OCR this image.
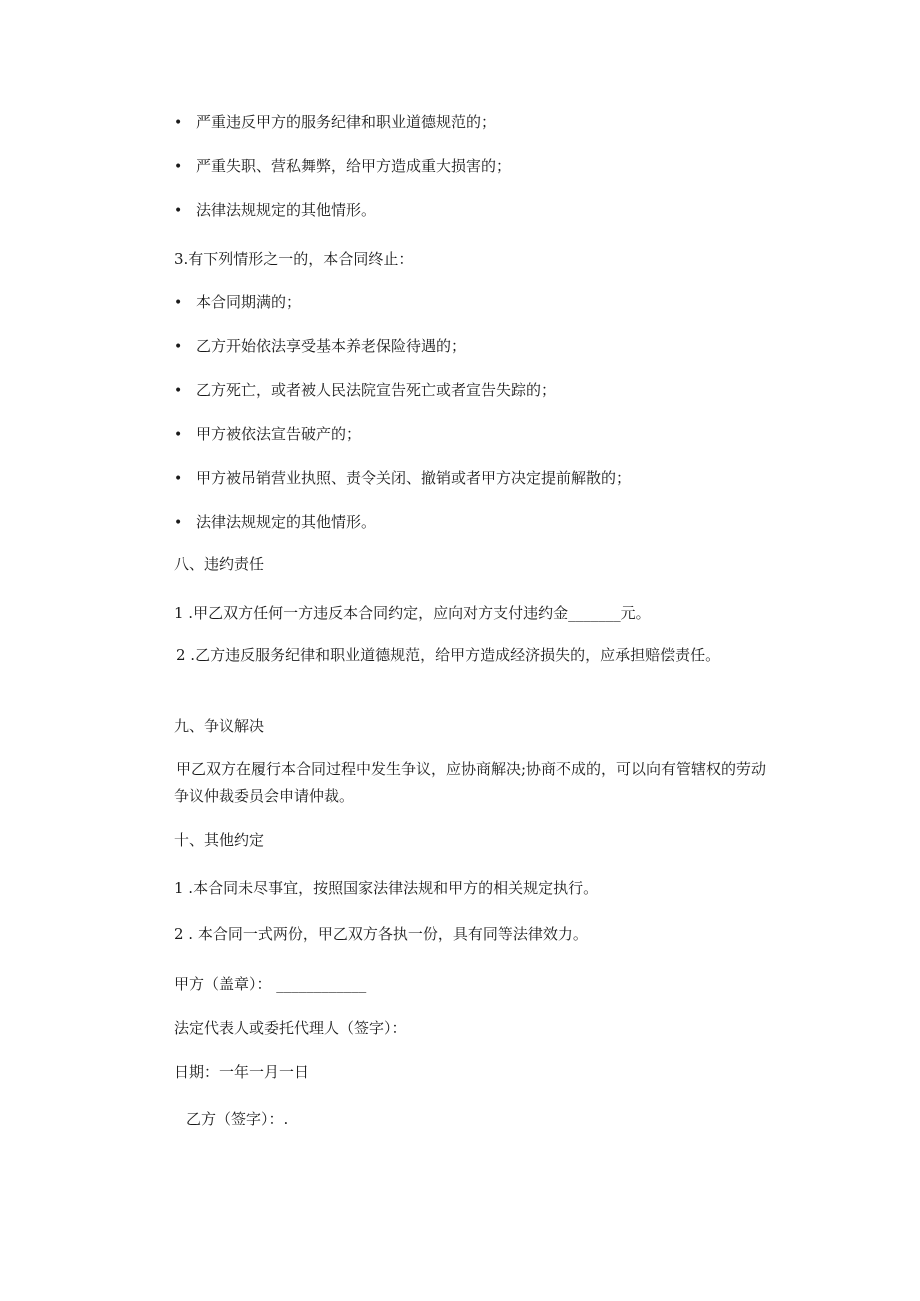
• 严重违反甲方的服务纪律和职业道德规范的；
• 严重失职、营私舞弊，给甲方造成重大损害的；
• 法律法规规定的其他情形。
3.有下列情形之一的，本合同终止：
• 本合同期满的；
• 乙方开始依法享受基本养老保险待遇的；
• 乙方死亡，或者被人民法院宣告死亡或者宣告失踪的；
• 甲方被依法宣告破产的；
• 甲方被吊销营业执照、责令关闭、撤销或者甲方决定提前解散的；
• 法律法规规定的其他情形。
八、违约责任
1 .甲乙双方任何一方违反本合同约定，应向对方支付违约金_______元。
2 .乙方违反服务纪律和职业道德规范，给甲方造成经济损失的，应承担赔偿责任。
九、争议解决
甲乙双方在履行本合同过程中发生争议，应协商解决;协商不成的，可以向有管辖权的劳动争议仲裁委员会申请仲裁。
十、其他约定
1 .本合同未尽事宜，按照国家法律法规和甲方的相关规定执行。
2 . 本合同一式两份，甲乙双方各执一份，具有同等法律效力。
甲方（盖章）： ____________
法定代表人或委托代理人（签字）：
日期：一年一月一日
乙方（签字）：.
